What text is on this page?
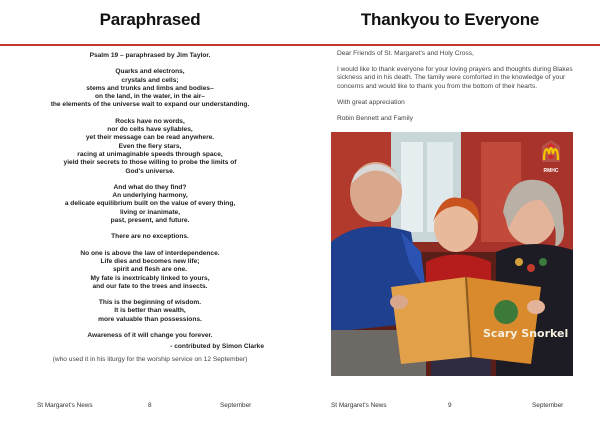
Paraphrased
Psalm 19 – paraphrased by Jim Taylor.
Quarks and electrons,
crystals and cells;
stems and trunks and limbs and bodies–
on the land, in the water, in the air–
the elements of the universe wait to expand our understanding.
Rocks have no words,
nor do cells have syllables,
yet their message can be read anywhere.
Even the fiery stars,
racing at unimaginable speeds through space,
yield their secrets to those willing to probe the limits of
God's universe.
And what do they find?
An underlying harmony,
a delicate equilibrium built on the value of every thing,
living or inanimate,
past, present, and future.
There are no exceptions.
No one is above the law of interdependence.
Life dies and becomes new life;
spirit and flesh are one.
My fate is inextricably linked to yours,
and our fate to the trees and insects.
This is the beginning of wisdom.
It is better than wealth,
more valuable than possessions.
Awareness of it will change you forever.
- contributed by Simon Clarke
(who used it in his liturgy for the worship service on 12 September)
St Margaret's News	8	September
Thankyou to Everyone

Dear Friends of St. Margaret's and Holy Cross,

I would like to thank everyone for your loving prayers and thoughts during Blakes sickness and in his death. The family were comforted in the knowledge of your concerns and would like to thank you from the bottom of their hearts.

With great appreciation

Robin Bennett and Family

Scary Snorkel
RMHC
St Margaret's News	9	September
